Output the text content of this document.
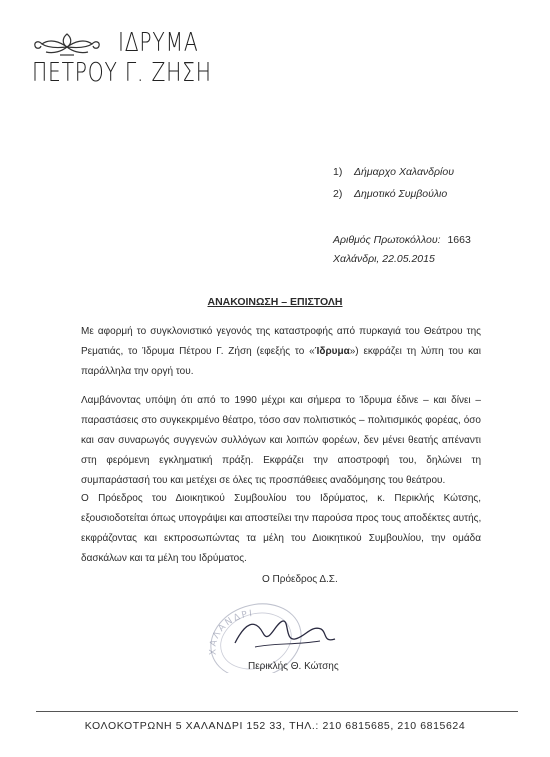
ΙΔΡΥΜΑ
ΠΕΤΡΟΥ Γ. ΖΗΣΗ
1) Δήμαρχο Χαλανδρίου
2) Δημοτικό Συμβούλιο
Αριθμός Πρωτοκόλλου: 1663
Χαλάνδρι, 22.05.2015
ΑΝΑΚΟΙΝΩΣΗ – ΕΠΙΣΤΟΛΗ
Με αφορμή το συγκλονιστικό γεγονός της καταστροφής από πυρκαγιά του Θεάτρου της
Ρεματιάς, το Ίδρυμα Πέτρου Γ. Ζήση (εφεξής το «Ίδρυμα») εκφράζει τη λύπη του και
παράλληλα την οργή του.
Λαμβάνοντας υπόψη ότι από το 1990 μέχρι και σήμερα το Ίδρυμα έδινε – και δίνει –
παραστάσεις στο συγκεκριμένο θέατρο, τόσο σαν πολιτιστικός – πολιτισμικός φορέας, όσο
και σαν συναρωγός συγγενών συλλόγων και λοιπών φορέων, δεν μένει θεατής απέναντι
στη φερόμενη εγκληματική πράξη. Εκφράζει την αποστροφή του, δηλώνει τη
συμπαράστασή του και μετέχει σε όλες τις προσπάθειες αναδόμησης του θεάτρου.
Ο Πρόεδρος του Διοικητικού Συμβουλίου του Ιδρύματος, κ. Περικλής Κώτσης,
εξουσιοδοτείται όπως υπογράψει και αποστείλει την παρούσα προς τους αποδέκτες αυτής,
εκφράζοντας και εκπροσωπώντας τα μέλη του Διοικητικού Συμβουλίου, την ομάδα
δασκάλων και τα μέλη του Ιδρύματος.
Ο Πρόεδρος Δ.Σ.
ΧΑΛΑΝΔΡΙ
Περικλής Θ. Κώτσης
ΚΟΛΟΚΟΤΡΩΝΗ 5 ΧΑΛΑΝΔΡΙ 152 33, ΤΗΛ.: 210 6815685, 210 6815624
